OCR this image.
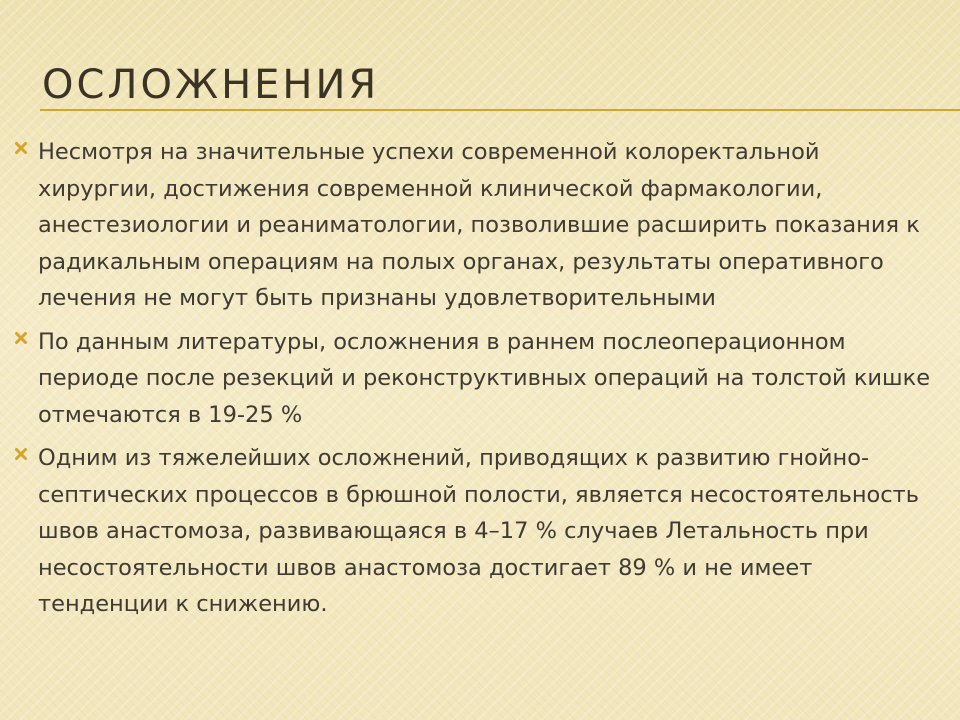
ОСЛОЖНЕНИЯ
Несмотря на значительные успехи современной колоректальной хирургии, достижения современной клинической фармакологии, анестезиологии и реаниматологии, позволившие расширить показания к радикальным операциям на полых органах, результаты оперативного лечения не могут быть признаны удовлетворительными
По данным литературы, осложнения в раннем послеоперационном периоде после резекций и реконструктивных операций на толстой кишке отмечаются в 19-25 %
Одним из тяжелейших осложнений, приводящих к развитию гнойно-септических процессов в брюшной полости, является несостоятельность швов анастомоза, развивающаяся в 4–17 % случаев Летальность при несостоятельности швов анастомоза достигает 89 % и не имеет тенденции к снижению.
